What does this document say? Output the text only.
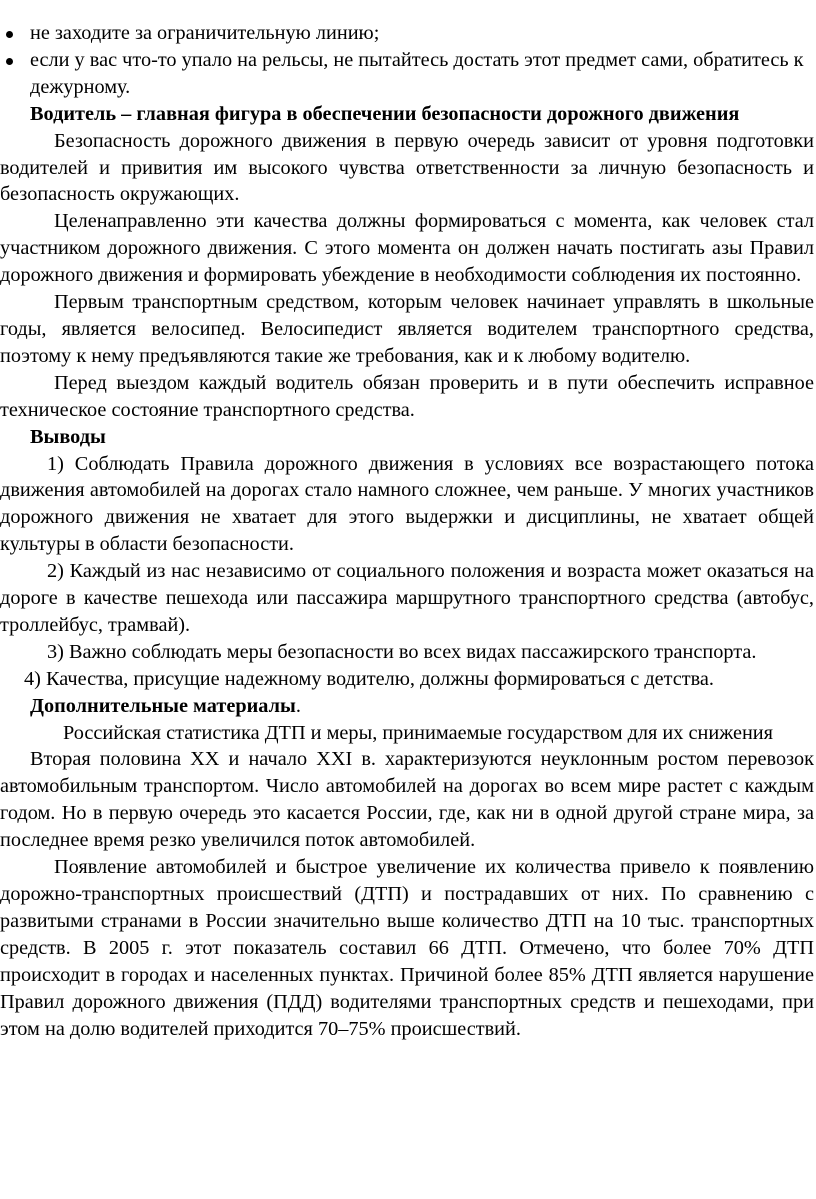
не заходите за ограничительную линию;
если у вас что-то упало на рельсы, не пытайтесь достать этот предмет сами, обратитесь к дежурному.

Водитель – главная фигура в обеспечении безопасности дорожного движения

Безопасность дорожного движения в первую очередь зависит от уровня подготовки водителей и привития им высокого чувства ответственности за личную безопасность и безопасность окружающих.

Целенаправленно эти качества должны формироваться с момента, как человек стал участником дорожного движения. С этого момента он должен начать постигать азы Правил дорожного движения и формировать убеждение в необходимости соблюдения их постоянно.

Первым транспортным средством, которым человек начинает управлять в школьные годы, является велосипед. Велосипедист является водителем транспортного средства, поэтому к нему предъявляются такие же требования, как и к любому водителю.

Перед выездом каждый водитель обязан проверить и в пути обеспечить исправное техническое состояние транспортного средства.

Выводы

1) Соблюдать Правила дорожного движения в условиях все возрастающего потока движения автомобилей на дорогах стало намного сложнее, чем раньше. У многих участников дорожного движения не хватает для этого выдержки и дисциплины, не хватает общей культуры в области безопасности.

2) Каждый из нас независимо от социального положения и возраста может оказаться на дороге в качестве пешехода или пассажира маршрутного транспортного средства (автобус, троллейбус, трамвай).

3) Важно соблюдать меры безопасности во всех видах пассажирского транспорта.

4) Качества, присущие надежному водителю, должны формироваться с детства.

Дополнительные материалы.

Российская статистика ДТП и меры, принимаемые государством для их снижения

Вторая половина XX и начало XXI в. характеризуются неуклонным ростом перевозок автомобильным транспортом. Число автомобилей на дорогах во всем мире растет с каждым годом. Но в первую очередь это касается России, где, как ни в одной другой стране мира, за последнее время резко увеличился поток автомобилей.

Появление автомобилей и быстрое увеличение их количества привело к появлению дорожно-транспортных происшествий (ДТП) и пострадавших от них. По сравнению с развитыми странами в России значительно выше количество ДТП на 10 тыс. транспортных средств. В 2005 г. этот показатель составил 66 ДТП. Отмечено, что более 70% ДТП происходит в городах и населенных пунктах. Причиной более 85% ДТП является нарушение Правил дорожного движения (ПДД) водителями транспортных средств и пешеходами, при этом на долю водителей приходится 70–75% происшествий.
